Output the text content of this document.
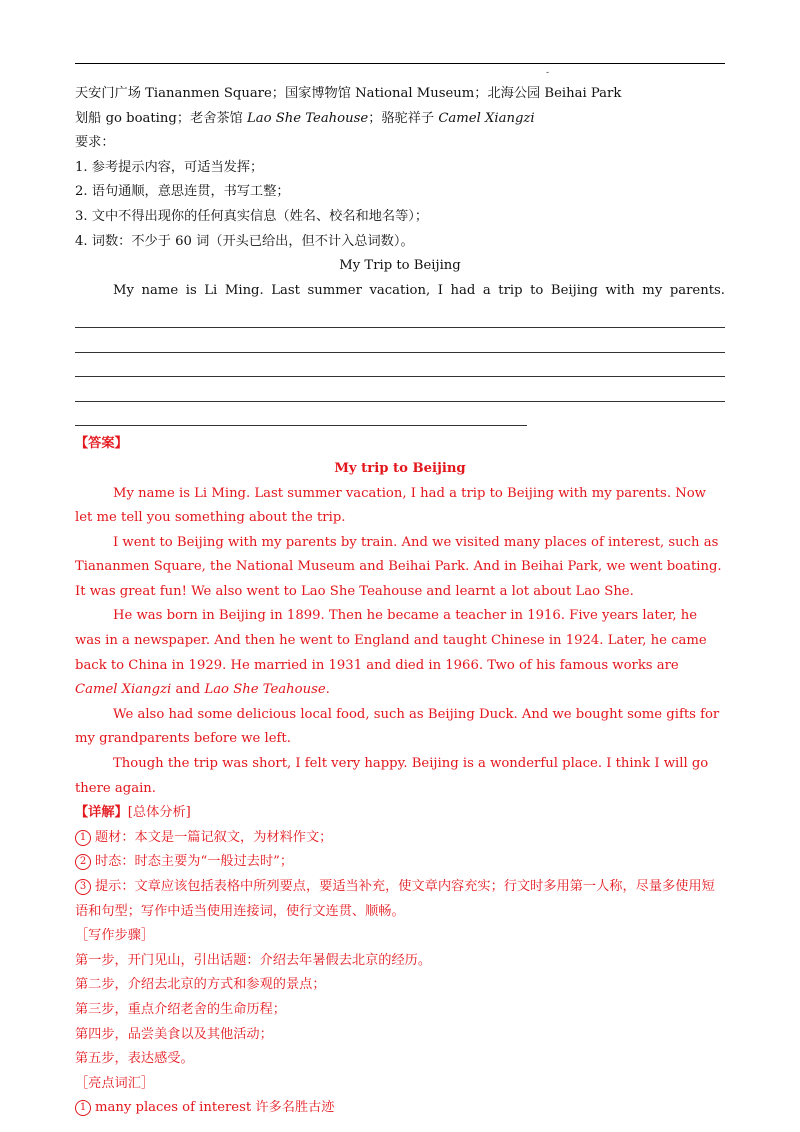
-
天安门广场 Tiananmen Square；国家博物馆 National Museum；北海公园 Beihai Park
划船 go boating；老舍茶馆 Lao She Teahouse；骆驼祥子 Camel Xiangzi
要求：
1. 参考提示内容，可适当发挥；
2. 语句通顺，意思连贯，书写工整；
3. 文中不得出现你的任何真实信息（姓名、校名和地名等）；
4. 词数：不少于 60 词（开头已给出，但不计入总词数）。
My Trip to Beijing
My name is Li Ming. Last summer vacation, I had a trip to Beijing with my parents.
【答案】
My trip to Beijing

My name is Li Ming. Last summer vacation, I had a trip to Beijing with my parents. Now let me tell you something about the trip.

I went to Beijing with my parents by train. And we visited many places of interest, such as Tiananmen Square, the National Museum and Beihai Park. And in Beihai Park, we went boating. It was great fun! We also went to Lao She Teahouse and learnt a lot about Lao She.

He was born in Beijing in 1899. Then he became a teacher in 1916. Five years later, he was in a newspaper. And then he went to England and taught Chinese in 1924. Later, he came back to China in 1929. He married in 1931 and died in 1966. Two of his famous works are Camel Xiangzi and Lao She Teahouse.

We also had some delicious local food, such as Beijing Duck. And we bought some gifts for my grandparents before we left.

Though the trip was short, I felt very happy. Beijing is a wonderful place. I think I will go there again.

【详解】[总体分析]
1 题材：本文是一篇记叙文，为材料作文；
2 时态：时态主要为“一般过去时”；
3 提示：文章应该包括表格中所列要点，要适当补充，使文章内容充实；行文时多用第一人称，尽量多使用短语和句型；写作中适当使用连接词，使行文连贯、顺畅。
［写作步骤］
第一步，开门见山，引出话题：介绍去年暑假去北京的经历。
第二步，介绍去北京的方式和参观的景点；
第三步，重点介绍老舍的生命历程；
第四步，品尝美食以及其他活动；
第五步，表达感受。
［亮点词汇］
1 many places of interest 许多名胜古迹
